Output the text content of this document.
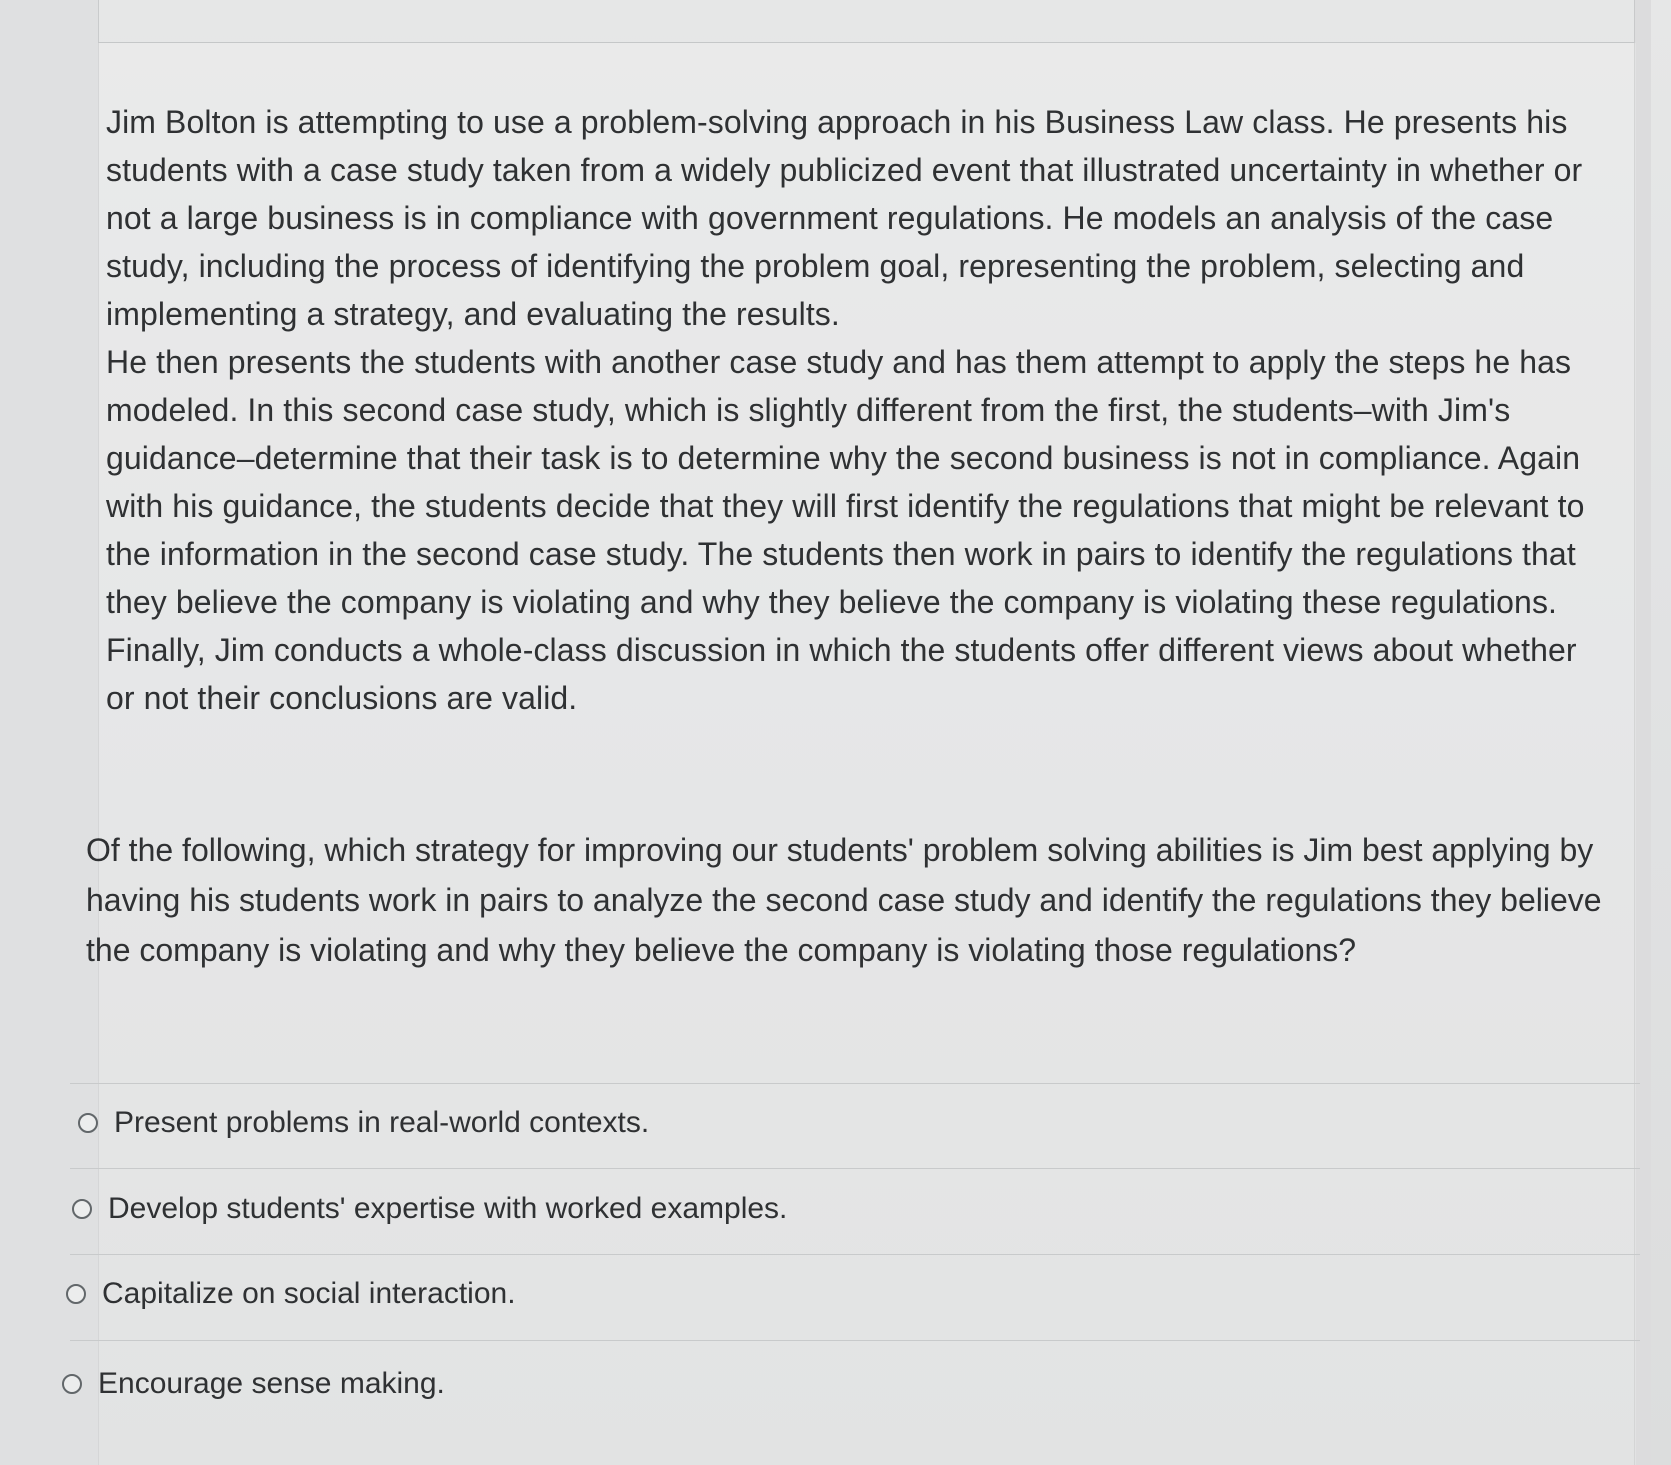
Jim Bolton is attempting to use a problem-solving approach in his Business Law class. He presents his students with a case study taken from a widely publicized event that illustrated uncertainty in whether or not a large business is in compliance with government regulations. He models an analysis of the case study, including the process of identifying the problem goal, representing the problem, selecting and implementing a strategy, and evaluating the results.

He then presents the students with another case study and has them attempt to apply the steps he has modeled. In this second case study, which is slightly different from the first, the students–with Jim's guidance–determine that their task is to determine why the second business is not in compliance. Again with his guidance, the students decide that they will first identify the regulations that might be relevant to the information in the second case study. The students then work in pairs to identify the regulations that they believe the company is violating and why they believe the company is violating these regulations. Finally, Jim conducts a whole-class discussion in which the students offer different views about whether or not their conclusions are valid.

Of the following, which strategy for improving our students' problem solving abilities is Jim best applying by having his students work in pairs to analyze the second case study and identify the regulations they believe the company is violating and why they believe the company is violating those regulations?

Present problems in real-world contexts.
Develop students' expertise with worked examples.
Capitalize on social interaction.
Encourage sense making.
